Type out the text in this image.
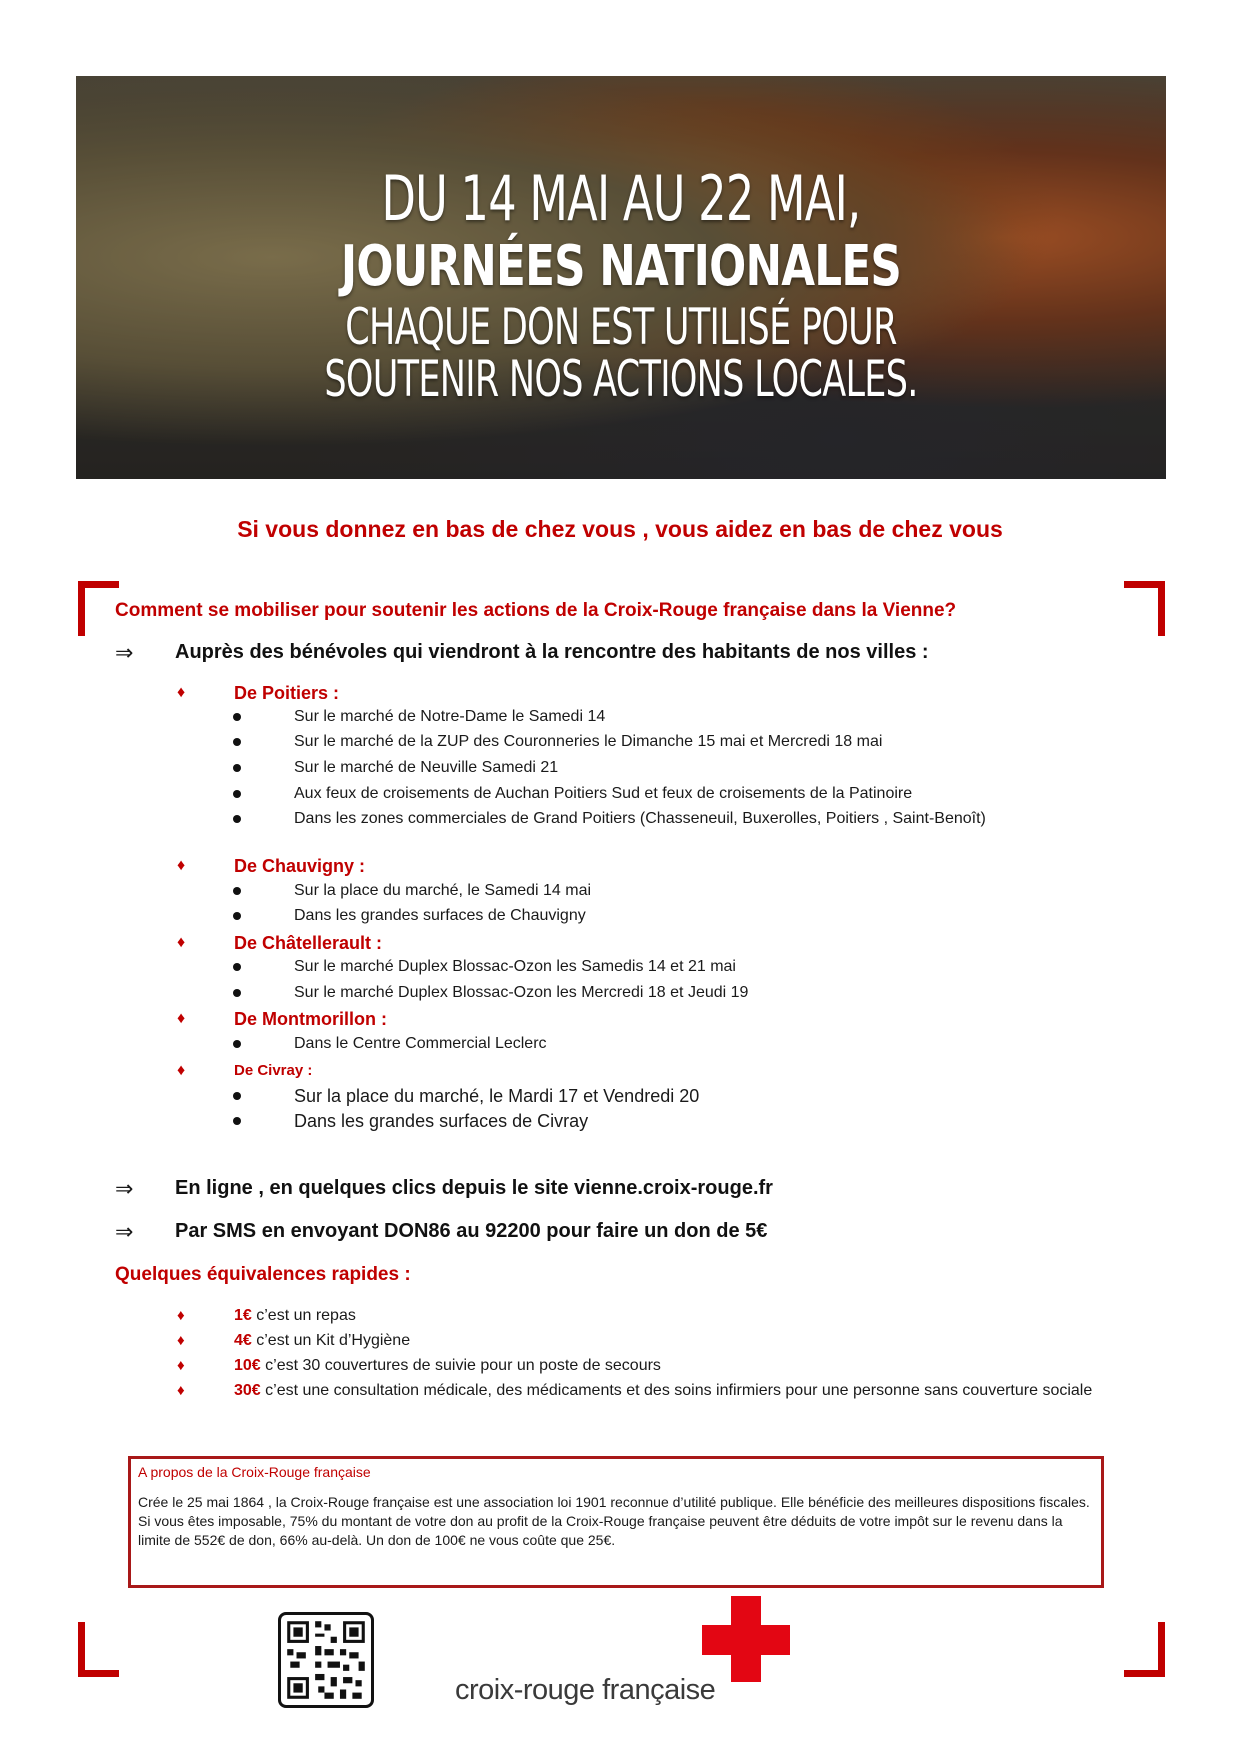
DU 14 MAI AU 22 MAI,
JOURNÉES NATIONALES
CHAQUE DON EST UTILISÉ POUR
SOUTENIR NOS ACTIONS LOCALES.
Si vous donnez en bas de chez vous , vous aidez en bas de chez vous
Comment se mobiliser pour soutenir les actions de la Croix-Rouge française dans la Vienne?
⇒ Auprès des bénévoles qui viendront à la rencontre des habitants de nos villes :
♦	De Poitiers :
Sur le marché de Notre-Dame le Samedi 14
Sur le marché de la ZUP des Couronneries le Dimanche 15 mai et Mercredi 18 mai
Sur le marché de Neuville Samedi 21
Aux feux de croisements de Auchan Poitiers Sud et feux de croisements de la Patinoire
Dans les zones commerciales de Grand Poitiers (Chasseneuil, Buxerolles, Poitiers , Saint-Benoît)
♦	De Chauvigny :
Sur la place du marché, le Samedi 14 mai
Dans les grandes surfaces de Chauvigny
♦	De Châtellerault :
Sur le marché Duplex Blossac-Ozon les Samedis 14 et 21 mai
Sur le marché Duplex Blossac-Ozon les Mercredi 18 et Jeudi 19
♦	De Montmorillon :
Dans le Centre Commercial Leclerc
♦	De Civray :
Sur la place du marché, le Mardi 17 et Vendredi 20
Dans les grandes surfaces de Civray
⇒ En ligne , en quelques clics depuis le site vienne.croix-rouge.fr
⇒ Par SMS en envoyant DON86 au 92200 pour faire un don de 5€
Quelques équivalences rapides :
♦	1€ c’est un repas
♦	4€ c’est un Kit d’Hygiène
♦	10€ c’est 30 couvertures de suivie pour un poste de secours
♦	30€ c’est une consultation médicale, des médicaments et des soins infirmiers pour une personne sans couverture sociale
A propos de la Croix-Rouge française
Crée le 25 mai 1864 , la Croix-Rouge française est une association loi 1901 reconnue d’utilité publique. Elle bénéficie des meilleures dispositions fiscales. Si vous êtes imposable, 75% du montant de votre don au profit de la Croix-Rouge française peuvent être déduits de votre impôt sur le revenu dans la limite de 552€ de don, 66% au-delà. Un don de 100€ ne vous coûte que 25€.
croix-rouge française
